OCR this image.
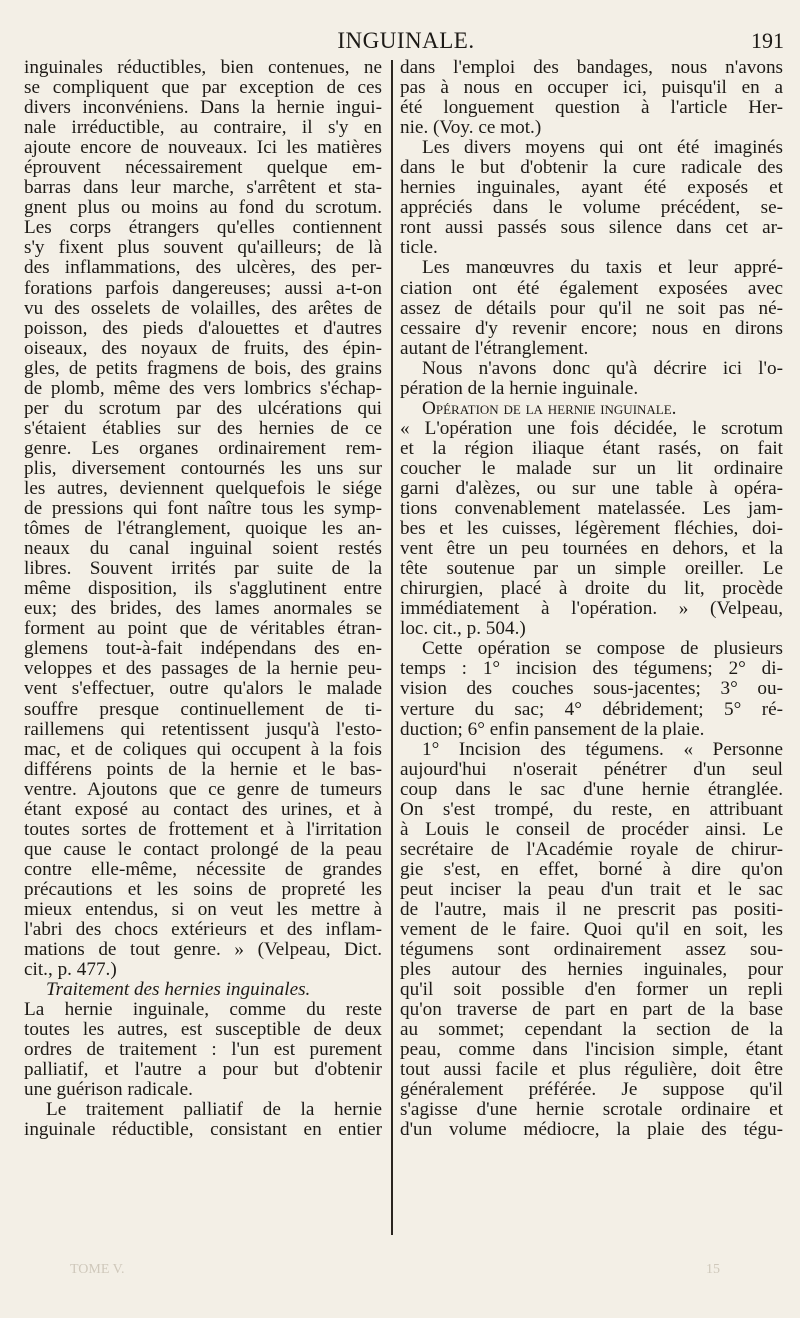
INGUINALE.	191
inguinales réductibles, bien contenues, ne
se compliquent que par exception de ces
divers inconvéniens. Dans la hernie ingui-
nale irréductible, au contraire, il s'y en
ajoute encore de nouveaux. Ici les matières
éprouvent nécessairement quelque em-
barras dans leur marche, s'arrêtent et sta-
gnent plus ou moins au fond du scrotum.
Les corps étrangers qu'elles contiennent
s'y fixent plus souvent qu'ailleurs; de là
des inflammations, des ulcères, des per-
forations parfois dangereuses; aussi a-t-on
vu des osselets de volailles, des arêtes de
poisson, des pieds d'alouettes et d'autres
oiseaux, des noyaux de fruits, des épin-
gles, de petits fragmens de bois, des grains
de plomb, même des vers lombrics s'échap-
per du scrotum par des ulcérations qui
s'étaient établies sur des hernies de ce
genre. Les organes ordinairement rem-
plis, diversement contournés les uns sur
les autres, deviennent quelquefois le siége
de pressions qui font naître tous les symp-
tômes de l'étranglement, quoique les an-
neaux du canal inguinal soient restés
libres. Souvent irrités par suite de la
même disposition, ils s'agglutinent entre
eux; des brides, des lames anormales se
forment au point que de véritables étran-
glemens tout-à-fait indépendans des en-
veloppes et des passages de la hernie peu-
vent s'effectuer, outre qu'alors le malade
souffre presque continuellement de ti-
raillemens qui retentissent jusqu'à l'esto-
mac, et de coliques qui occupent à la fois
différens points de la hernie et le bas-
ventre. Ajoutons que ce genre de tumeurs
étant exposé au contact des urines, et à
toutes sortes de frottement et à l'irritation
que cause le contact prolongé de la peau
contre elle-même, nécessite de grandes
précautions et les soins de propreté les
mieux entendus, si on veut les mettre à
l'abri des chocs extérieurs et des inflam-
mations de tout genre. » (Velpeau, Dict.
cit., p. 477.)
Traitement des hernies inguinales.
La hernie inguinale, comme du reste
toutes les autres, est susceptible de deux
ordres de traitement : l'un est purement
palliatif, et l'autre a pour but d'obtenir
une guérison radicale.
Le traitement palliatif de la hernie
inguinale réductible, consistant en entier
dans l'emploi des bandages, nous n'avons
pas à nous en occuper ici, puisqu'il en a
été longuement question à l'article Her-
nie. (Voy. ce mot.)
Les divers moyens qui ont été imaginés
dans le but d'obtenir la cure radicale des
hernies inguinales, ayant été exposés et
appréciés dans le volume précédent, se-
ront aussi passés sous silence dans cet ar-
ticle.
Les manœuvres du taxis et leur appré-
ciation ont été également exposées avec
assez de détails pour qu'il ne soit pas né-
cessaire d'y revenir encore; nous en dirons
autant de l'étranglement.
Nous n'avons donc qu'à décrire ici l'o-
pération de la hernie inguinale.
Opération de la hernie inguinale.
« L'opération une fois décidée, le scrotum
et la région iliaque étant rasés, on fait
coucher le malade sur un lit ordinaire
garni d'alèzes, ou sur une table à opéra-
tions convenablement matelassée. Les jam-
bes et les cuisses, légèrement fléchies, doi-
vent être un peu tournées en dehors, et la
tête soutenue par un simple oreiller. Le
chirurgien, placé à droite du lit, procède
immédiatement à l'opération. » (Velpeau,
loc. cit., p. 504.)
Cette opération se compose de plusieurs
temps : 1° incision des tégumens; 2° di-
vision des couches sous-jacentes; 3° ou-
verture du sac; 4° débridement; 5° ré-
duction; 6° enfin pansement de la plaie.
1° Incision des tégumens. « Personne
aujourd'hui n'oserait pénétrer d'un seul
coup dans le sac d'une hernie étranglée.
On s'est trompé, du reste, en attribuant
à Louis le conseil de procéder ainsi. Le
secrétaire de l'Académie royale de chirur-
gie s'est, en effet, borné à dire qu'on
peut inciser la peau d'un trait et le sac
de l'autre, mais il ne prescrit pas positi-
vement de le faire. Quoi qu'il en soit, les
tégumens sont ordinairement assez sou-
ples autour des hernies inguinales, pour
qu'il soit possible d'en former un repli
qu'on traverse de part en part de la base
au sommet; cependant la section de la
peau, comme dans l'incision simple, étant
tout aussi facile et plus régulière, doit être
généralement préférée. Je suppose qu'il
s'agisse d'une hernie scrotale ordinaire et
d'un volume médiocre, la plaie des tégu-
TOME V.	15
